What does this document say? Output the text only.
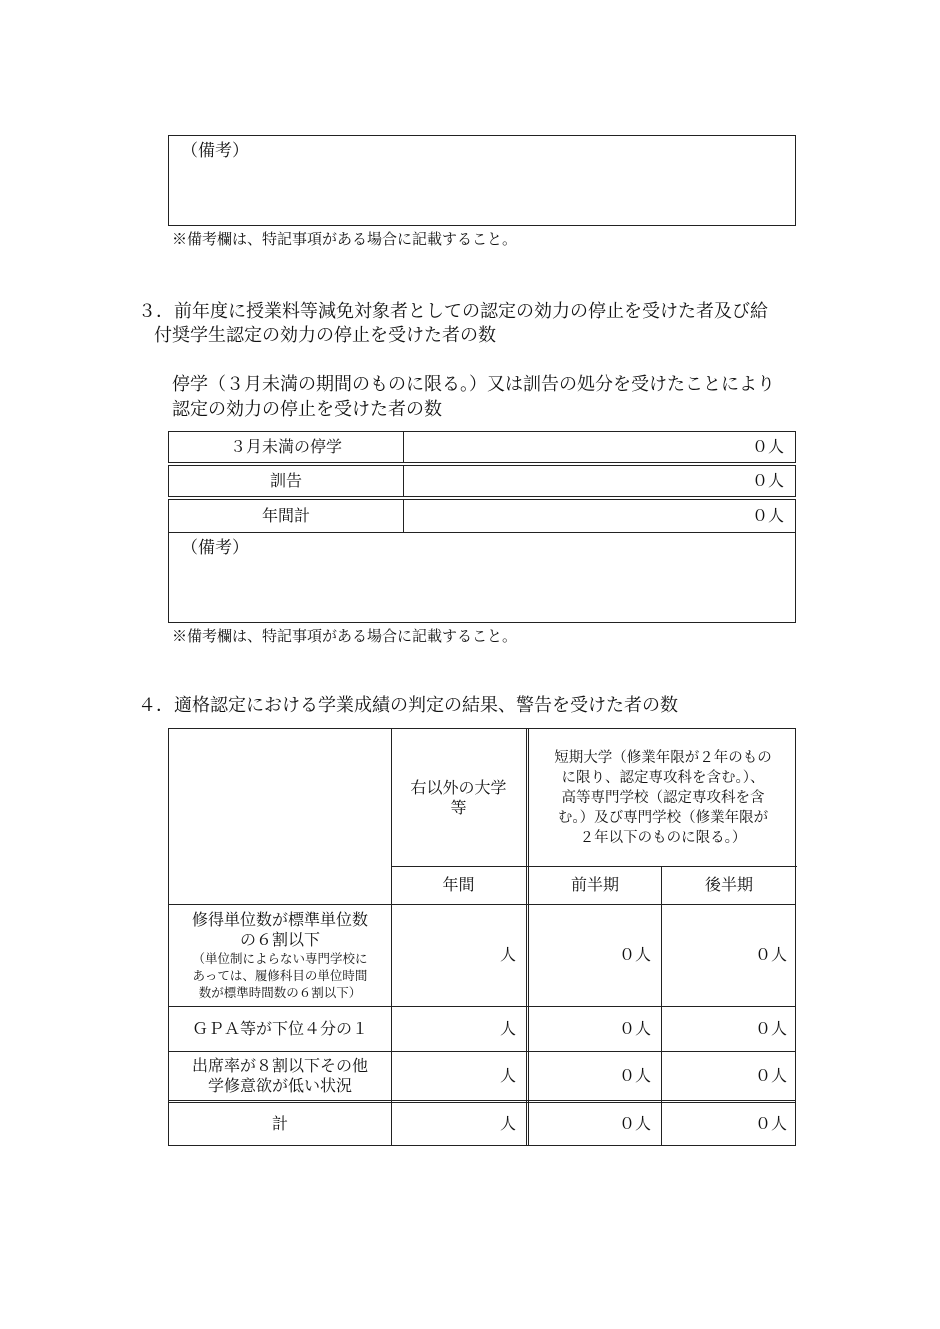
（備考）
※備考欄は、特記事項がある場合に記載すること。
３．前年度に授業料等減免対象者としての認定の効力の停止を受けた者及び給
付奨学生認定の効力の停止を受けた者の数
停学（３月未満の期間のものに限る。）又は訓告の処分を受けたことにより
認定の効力の停止を受けた者の数
３月未満の停学	０人
訓告	０人
年間計	０人
（備考）
※備考欄は、特記事項がある場合に記載すること。
４．適格認定における学業成績の判定の結果、警告を受けた者の数
右以外の大学
等
短期大学（修業年限が２年のもの
に限り、認定専攻科を含む。）、
高等専門学校（認定専攻科を含
む。）及び専門学校（修業年限が
２年以下のものに限る。）
年間	前半期	後半期
修得単位数が標準単位数
の６割以下
（単位制によらない専門学校に
あっては、履修科目の単位時間
数が標準時間数の６割以下）
人	０人	０人
ＧＰＡ等が下位４分の１	人	０人	０人
出席率が８割以下その他
学修意欲が低い状況
人	０人	０人
計	人	０人	０人
